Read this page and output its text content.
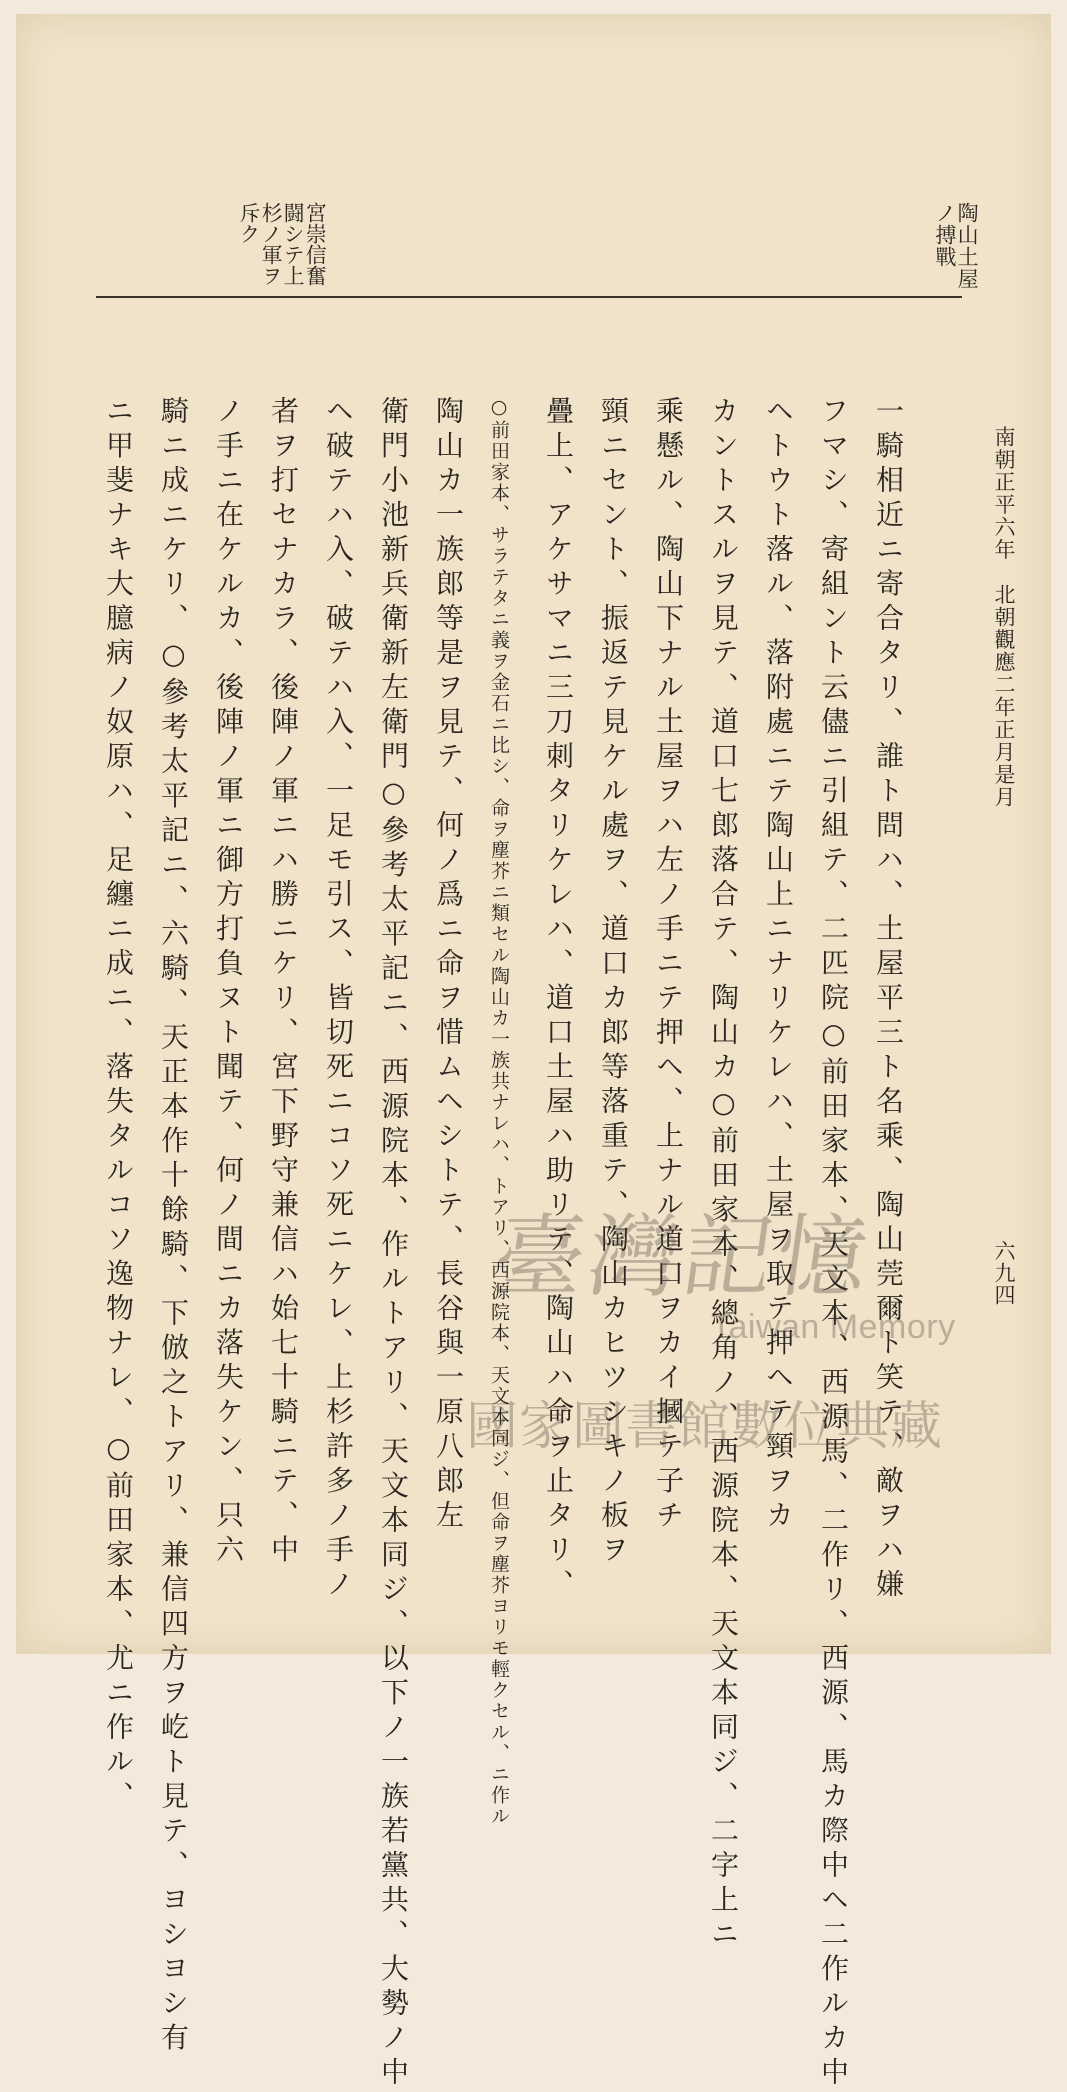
陶山土屋
ノ搏戰
宮崇信奮
闘シテ上
杉ノ軍ヲ
斥ク
南朝正平六年　北朝觀應二年正月是月
六九四
一騎相近ニ寄合タリ、誰ト問ハ、土屋平三ト名乘、陶山莞爾ト笑テ、敵ヲハ嫌
フマシ、寄組ント云儘ニ引組テ、二匹院○前田家本、天文本、西源馬、二作リ、西源、馬カ際中ヘ二作ルカ中
ヘトウト落ル、落附處ニテ陶山上ニナリケレハ、土屋ヲ取テ押ヘテ頸ヲカ
カントスルヲ見テ、道口七郎落合テ、陶山カ○前田家本、總角ノ、西源院本、天文本同ジ、二字上ニ
乘懸ル、陶山下ナル土屋ヲハ左ノ手ニテ押ヘ、上ナル道口ヲカイ摑テ子チ
頸ニセント、振返テ見ケル處ヲ、道口カ郎等落重テ、陶山カヒツシキノ板ヲ
疊上、アケサマニ三刀刺タリケレハ、道口土屋ハ助リテ、陶山ハ命ヲ止タリ、
○前田家本、サラテタニ義ヲ金石ニ比シ、命ヲ塵芥ニ類セル陶山カ一族共ナレハ、トアリ、西源院本、天文本同ジ、但命ヲ塵芥ヨリモ輕クセル、ニ作ル
陶山カ一族郎等是ヲ見テ、何ノ爲ニ命ヲ惜ムヘシトテ、長谷與一原八郎左
衛門小池新兵衛新左衛門○參考太平記ニ、西源院本、作ルトアリ、天文本同ジ、以下ノ一族若黨共、大勢ノ中
ヘ破テハ入、破テハ入、一足モ引ス、皆切死ニコソ死ニケレ、上杉許多ノ手ノ
者ヲ打セナカラ、後陣ノ軍ニハ勝ニケリ、宮下野守兼信ハ始七十騎ニテ、中
ノ手ニ在ケルカ、後陣ノ軍ニ御方打負ヌト聞テ、何ノ間ニカ落失ケン、只六
騎ニ成ニケリ、○參考太平記ニ、六騎、天正本作十餘騎、下倣之トアリ、兼信四方ヲ屹ト見テ、ヨシヨシ有
ニ甲斐ナキ大臆病ノ奴原ハ、足纏ニ成ニ、落失タルコソ逸物ナレ、○前田家本、尤ニ作ル、	臺灣記憶
Taiwan Memory
國家圖書館數位典藏
